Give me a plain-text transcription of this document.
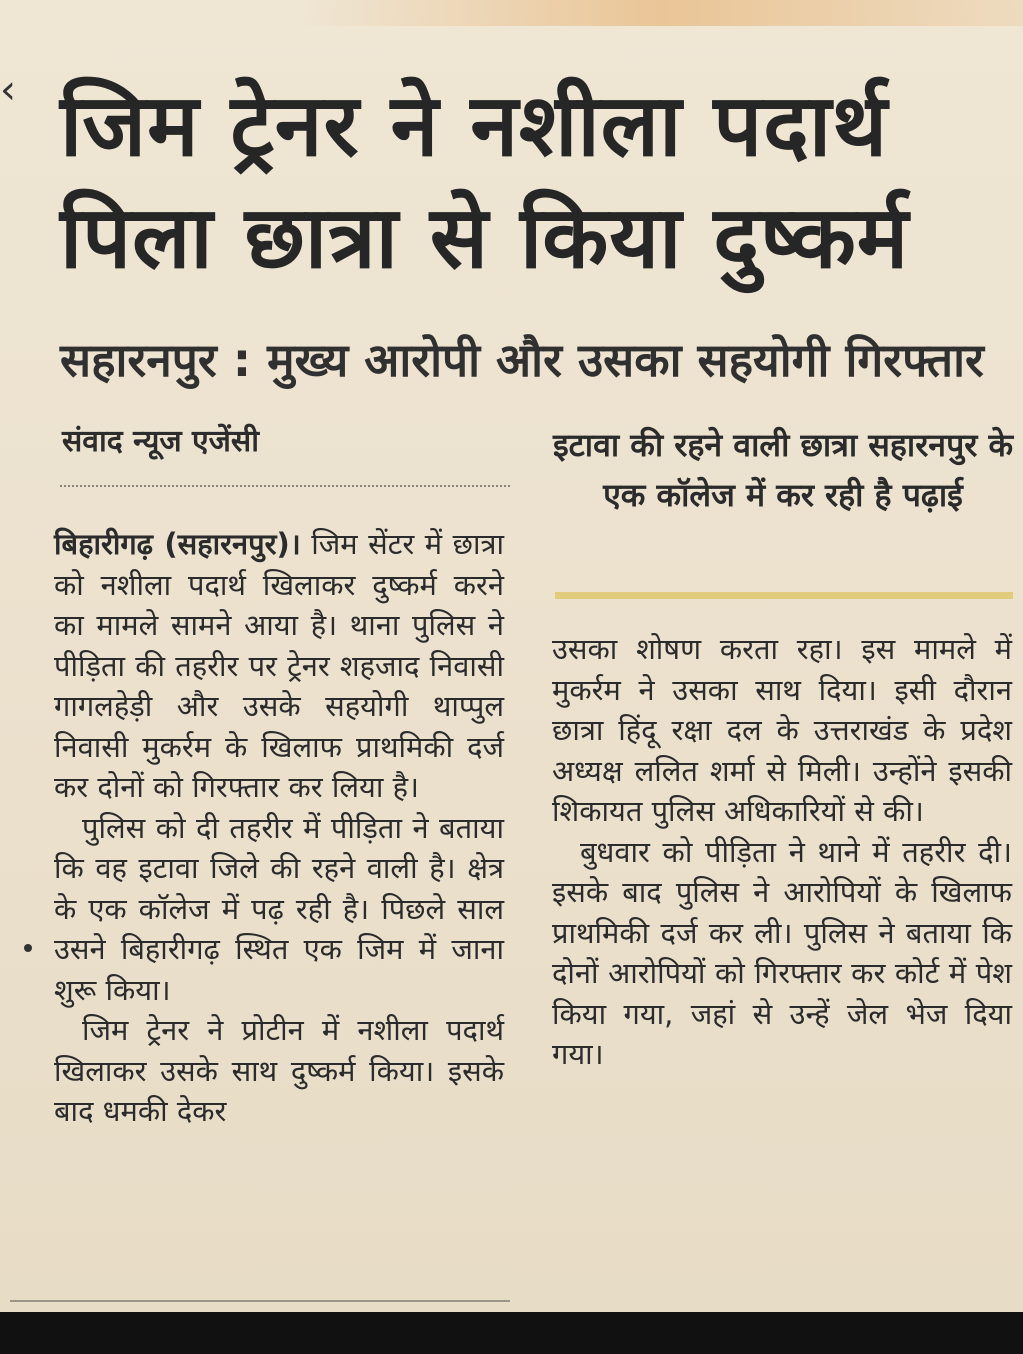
‹ जिम ट्रेनर ने नशीला पदार्थ पिला छात्रा से किया दुष्कर्म
सहारनपुर : मुख्य आरोपी और उसका सहयोगी गिरफ्तार
संवाद न्यूज एजेंसी	इटावा की रहने वाली छात्रा सहारनपुर के एक कॉलेज में कर रही है पढ़ाई

बिहारीगढ़ (सहारनपुर)। जिम सेंटर में छात्रा को नशीला पदार्थ खिलाकर दुष्कर्म करने का मामले सामने आया है। थाना पुलिस ने पीड़िता की तहरीर पर ट्रेनर शहजाद निवासी गागलहेड़ी और उसके सहयोगी थाप्पुल निवासी मुकर्रम के खिलाफ प्राथमिकी दर्ज कर दोनों को गिरफ्तार कर लिया है।

पुलिस को दी तहरीर में पीड़िता ने बताया कि वह इटावा जिले की रहने वाली है। क्षेत्र के एक कॉलेज में पढ़ रही है। पिछले साल उसने बिहारीगढ़ स्थित एक जिम में जाना शुरू किया।

जिम ट्रेनर ने प्रोटीन में नशीला पदार्थ खिलाकर उसके साथ दुष्कर्म किया। इसके बाद धमकी देकर

उसका शोषण करता रहा। इस मामले में मुकर्रम ने उसका साथ दिया। इसी दौरान छात्रा हिंदू रक्षा दल के उत्तराखंड के प्रदेश अध्यक्ष ललित शर्मा से मिली। उन्होंने इसकी शिकायत पुलिस अधिकारियों से की।

बुधवार को पीड़िता ने थाने में तहरीर दी। इसके बाद पुलिस ने आरोपियों के खिलाफ प्राथमिकी दर्ज कर ली। पुलिस ने बताया कि दोनों आरोपियों को गिरफ्तार कर कोर्ट में पेश किया गया, जहां से उन्हें जेल भेज दिया गया।
